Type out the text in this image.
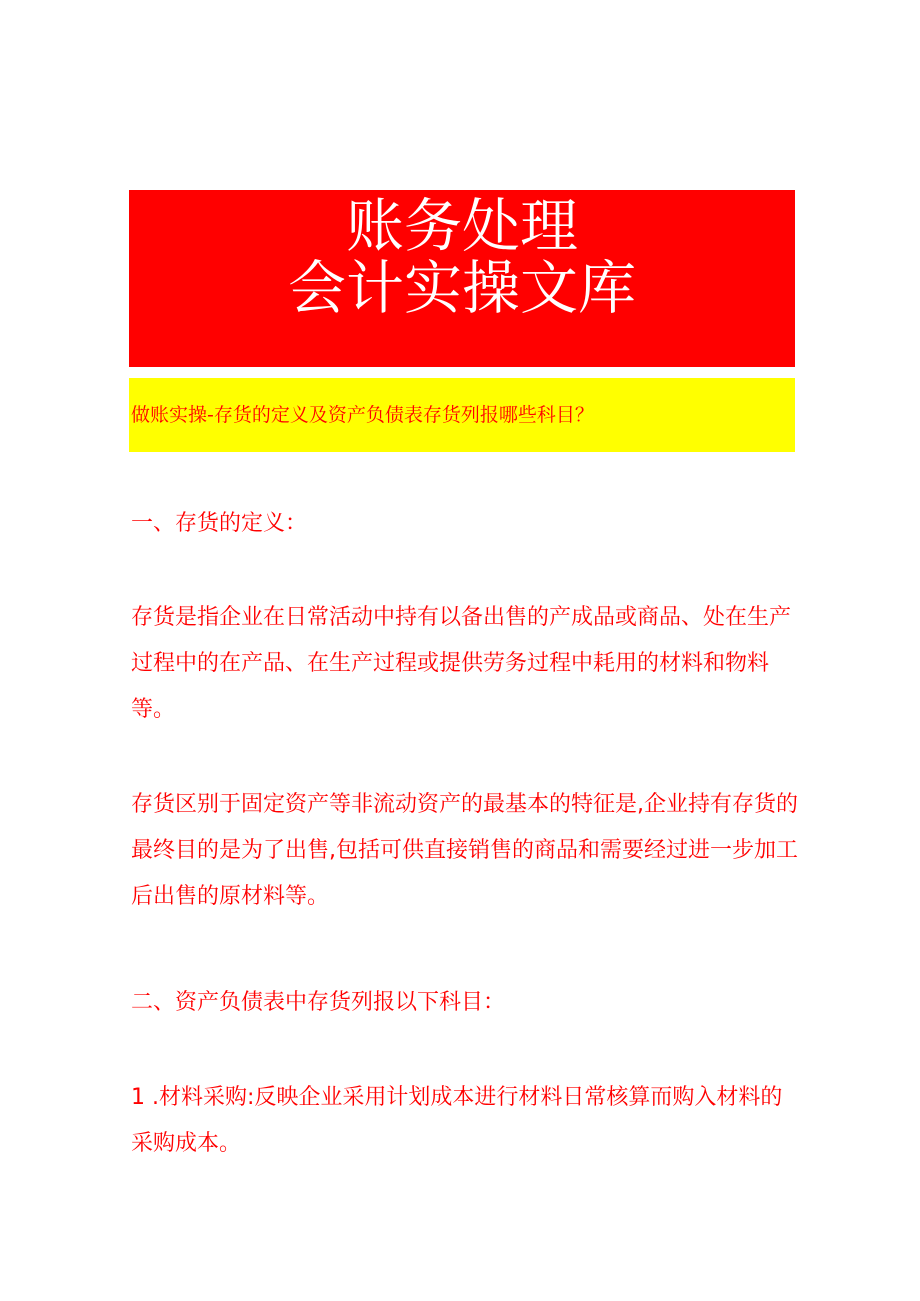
账务处理
会计实操文库
做账实操-存货的定义及资产负债表存货列报哪些科目？

一、存货的定义：

存货是指企业在日常活动中持有以备出售的产成品或商品、处在生产过程中的在产品、在生产过程或提供劳务过程中耗用的材料和物料等。

存货区别于固定资产等非流动资产的最基本的特征是,企业持有存货的最终目的是为了出售,包括可供直接销售的商品和需要经过进一步加工后出售的原材料等。

二、资产负债表中存货列报以下科目：

1 .材料采购:反映企业采用计划成本进行材料日常核算而购入材料的采购成本。
